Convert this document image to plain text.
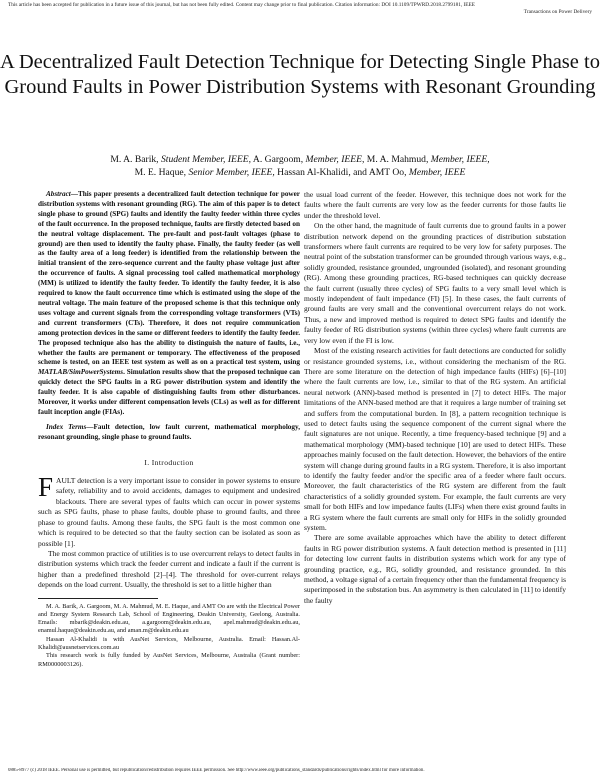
This article has been accepted for publication in a future issue of this journal, but has not been fully edited. Content may change prior to final publication. Citation information: DOI 10.1109/TPWRD.2018.2799181, IEEE
Transactions on Power Delivery
A Decentralized Fault Detection Technique for Detecting Single Phase to Ground Faults in Power Distribution Systems with Resonant Grounding
M. A. Barik, Student Member, IEEE, A. Gargoom, Member, IEEE, M. A. Mahmud, Member, IEEE,
M. E. Haque, Senior Member, IEEE, Hassan Al-Khalidi, and AMT Oo, Member, IEEE

Abstract—This paper presents a decentralized fault detection technique for power distribution systems with resonant grounding (RG). The aim of this paper is to detect single phase to ground (SPG) faults and identify the faulty feeder within three cycles of the fault occurrence. In the proposed technique, faults are firstly detected based on the neutral voltage displacement. The pre-fault and post-fault voltages (phase to ground) are then used to identify the faulty phase. Finally, the faulty feeder (as well as the faulty area of a long feeder) is identified from the relationship between the initial transient of the zero-sequence current and the faulty phase voltage just after the occurrence of faults. A signal processing tool called mathematical morphology (MM) is utilized to identify the faulty feeder. To identify the faulty feeder, it is also required to know the fault occurrence time which is estimated using the slope of the neutral voltage. The main feature of the proposed scheme is that this technique only uses voltage and current signals from the corresponding voltage transformers (VTs) and current transformers (CTs). Therefore, it does not require communication among protection devices in the same or different feeders to identify the faulty feeder. The proposed technique also has the ability to distinguish the nature of faults, i.e., whether the faults are permanent or temporary. The effectiveness of the proposed scheme is tested, on an IEEE test system as well as on a practical test system, using MATLAB/SimPowerSystems. Simulation results show that the proposed technique can quickly detect the SPG faults in a RG power distribution system and identify the faulty feeder. It is also capable of distinguishing faults from other disturbances. Moreover, it works under different compensation levels (CLs) as well as for different fault inception angle (FIAs).

Index Terms—Fault detection, low fault current, mathematical morphology, resonant grounding, single phase to ground faults.

I. Introduction

FAULT detection is a very important issue to consider in power systems to ensure safety, reliability and to avoid accidents, damages to equipment and undesired blackouts. There are several types of faults which can occur in power systems such as SPG faults, phase to phase faults, double phase to ground faults, and three phase to ground faults. Among these faults, the SPG fault is the most common one which is required to be detected so that the faulty section can be isolated as soon as possible [1].

The most common practice of utilities is to use overcurrent relays to detect faults in distribution systems which track the feeder current and indicate a fault if the current is higher than a predefined threshold [2]–[4]. The threshold for over-current relays depends on the load current. Usually, the threshold is set to a little higher than

M. A. Barik, A. Gargoom, M. A. Mahmud, M. E. Haque, and AMT Oo are with the Electrical Power and Energy System Research Lab, School of Engineering, Deakin University, Geelong, Australia. Emails: mbarik@deakin.edu.au, a.gargoom@deakin.edu.au, apel.mahmud@deakin.edu.au, enamul.haque@deakin.edu.au, and aman.m@deakin.edu.au

Hassan Al-Khalidi is with AusNet Services, Melbourne, Australia. Email: Hassan.Al-Khalidi@ausnetservices.com.au

This research work is fully funded by AusNet Services, Melbourne, Australia (Grant number: RM0000003126).

the usual load current of the feeder. However, this technique does not work for the faults where the fault currents are very low as the feeder currents for those faults lie under the threshold level.

On the other hand, the magnitude of fault currents due to ground faults in a power distribution network depend on the grounding practices of distribution substation transformers where fault currents are required to be very low for safety purposes. The neutral point of the substation transformer can be grounded through various ways, e.g., solidly grounded, resistance grounded, ungrounded (isolated), and resonant grounding (RG). Among these grounding practices, RG-based techniques can quickly decrease the fault current (usually three cycles) of SPG faults to a very small level which is mostly independent of fault impedance (FI) [5]. In these cases, the fault currents of ground faults are very small and the conventional overcurrent relays do not work. Thus, a new and improved method is required to detect SPG faults and identify the faulty feeder of RG distribution systems (within three cycles) where fault currents are very low even if the FI is low.

Most of the existing research activities for fault detections are conducted for solidly or resistance grounded systems, i.e., without considering the mechanism of the RG. There are some literature on the detection of high impedance faults (HIFs) [6]–[10] where the fault currents are low, i.e., similar to that of the RG system. An artificial neural network (ANN)-based method is presented in [7] to detect HIFs. The major limitations of the ANN-based method are that it requires a large number of training set and suffers from the computational burden. In [8], a pattern recognition technique is used to detect faults using the sequence component of the current signal where the fault signatures are not unique. Recently, a time frequency-based technique [9] and a mathematical morphology (MM)-based technique [10] are used to detect HIFs. These approaches mainly focused on the fault detection. However, the behaviors of the entire system will change during ground faults in a RG system. Therefore, it is also important to identify the faulty feeder and/or the specific area of a feeder where fault occurs. Moreover, the fault characteristics of the RG system are different from the fault characteristics of a solidly grounded system. For example, the fault currents are very small for both HIFs and low impedance faults (LIFs) when there exist ground faults in a RG system where the fault currents are small only for HIFs in the solidly grounded system.

There are some available approaches which have the ability to detect different faults in RG power distribution systems. A fault detection method is presented in [11] for detecting low current faults in distribution systems which work for any type of grounding practice, e.g., RG, solidly grounded, and resistance grounded. In this method, a voltage signal of a certain frequency other than the fundamental frequency is superimposed in the substation bus. An asymmetry is then calculated in [11] to identify the faulty

0885-8977 (c) 2018 IEEE. Personal use is permitted, but republication/redistribution requires IEEE permission. See http://www.ieee.org/publications_standards/publications/rights/index.html for more information.
